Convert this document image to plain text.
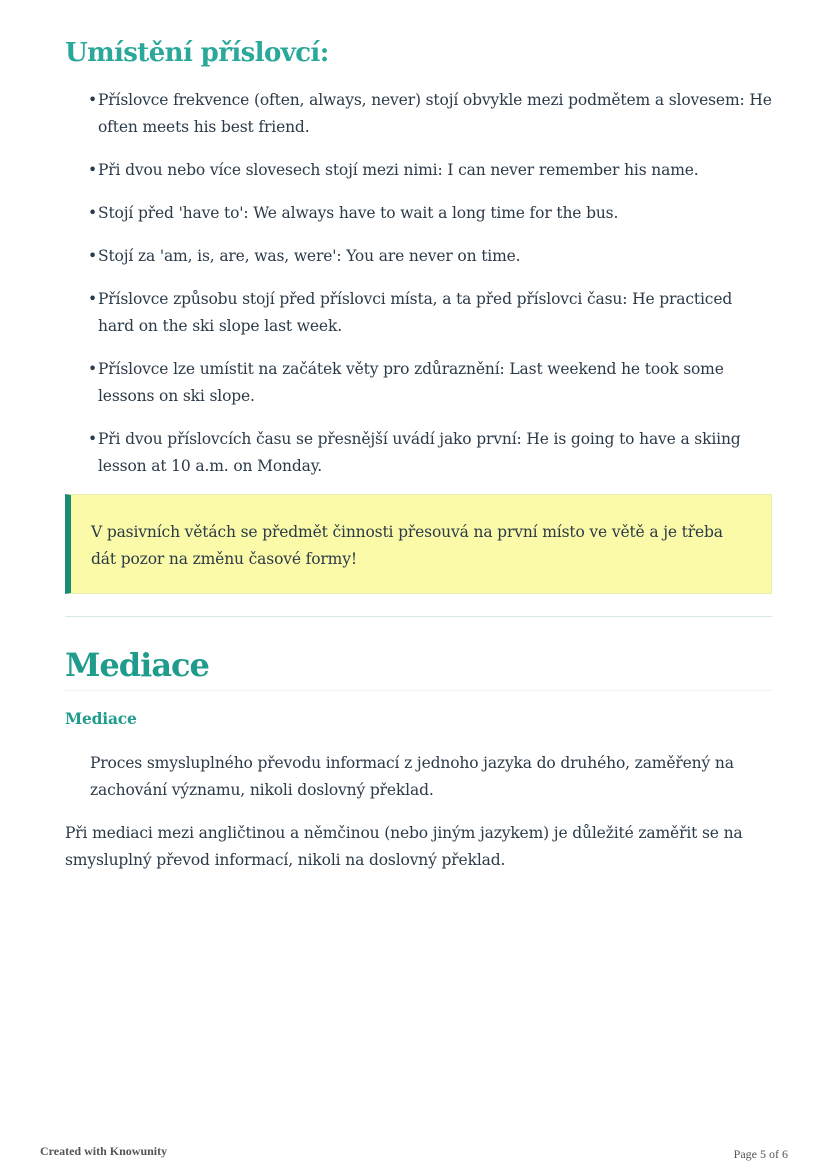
Umístění příslovcí:
• Příslovce frekvence (often, always, never) stojí obvykle mezi podmětem a slovesem: He often meets his best friend.
• Při dvou nebo více slovesech stojí mezi nimi: I can never remember his name.
• Stojí před 'have to': We always have to wait a long time for the bus.
• Stojí za 'am, is, are, was, were': You are never on time.
• Příslovce způsobu stojí před příslovci místa, a ta před příslovci času: He practiced hard on the ski slope last week.
• Příslovce lze umístit na začátek věty pro zdůraznění: Last weekend he took some lessons on ski slope.
• Při dvou příslovcích času se přesnější uvádí jako první: He is going to have a skiing lesson at 10 a.m. on Monday.
V pasivních větách se předmět činnosti přesouvá na první místo ve větě a je třeba dát pozor na změnu časové formy!
Mediace
Mediace
Proces smysluplného převodu informací z jednoho jazyka do druhého, zaměřený na zachování významu, nikoli doslovný překlad.
Při mediaci mezi angličtinou a němčinou (nebo jiným jazykem) je důležité zaměřit se na smysluplný převod informací, nikoli na doslovný překlad.
Created with Knowunity	Page 5 of 6
